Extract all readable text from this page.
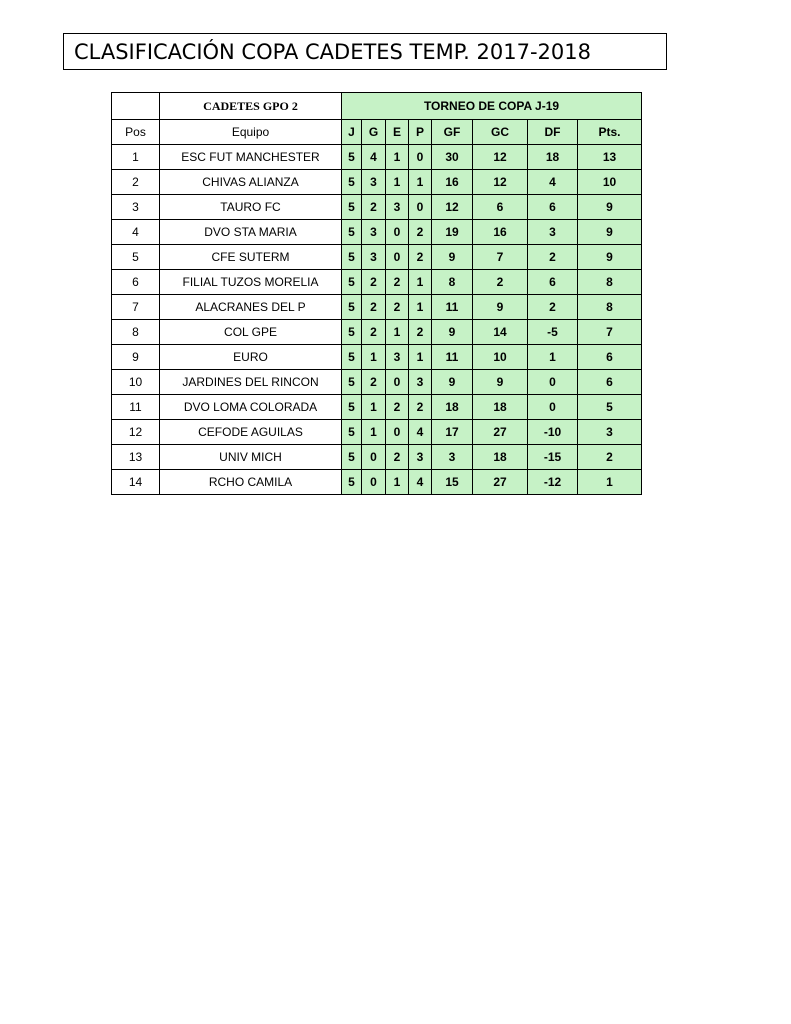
CLASIFICACIÓN COPA CADETES TEMP. 2017-2018
	CADETES GPO 2	TORNEO DE COPA J-19							
Pos	Equipo	J	G	E	P	GF	GC	DF	Pts.
1	ESC FUT MANCHESTER	5	4	1	0	30	12	18	13
2	CHIVAS ALIANZA	5	3	1	1	16	12	4	10
3	TAURO FC	5	2	3	0	12	6	6	9
4	DVO STA MARIA	5	3	0	2	19	16	3	9
5	CFE SUTERM	5	3	0	2	9	7	2	9
6	FILIAL TUZOS MORELIA	5	2	2	1	8	2	6	8
7	ALACRANES DEL P	5	2	2	1	11	9	2	8
8	COL GPE	5	2	1	2	9	14	-5	7
9	EURO	5	1	3	1	11	10	1	6
10	JARDINES DEL RINCON	5	2	0	3	9	9	0	6
11	DVO LOMA COLORADA	5	1	2	2	18	18	0	5
12	CEFODE AGUILAS	5	1	0	4	17	27	-10	3
13	UNIV MICH	5	0	2	3	3	18	-15	2
14	RCHO CAMILA	5	0	1	4	15	27	-12	1
